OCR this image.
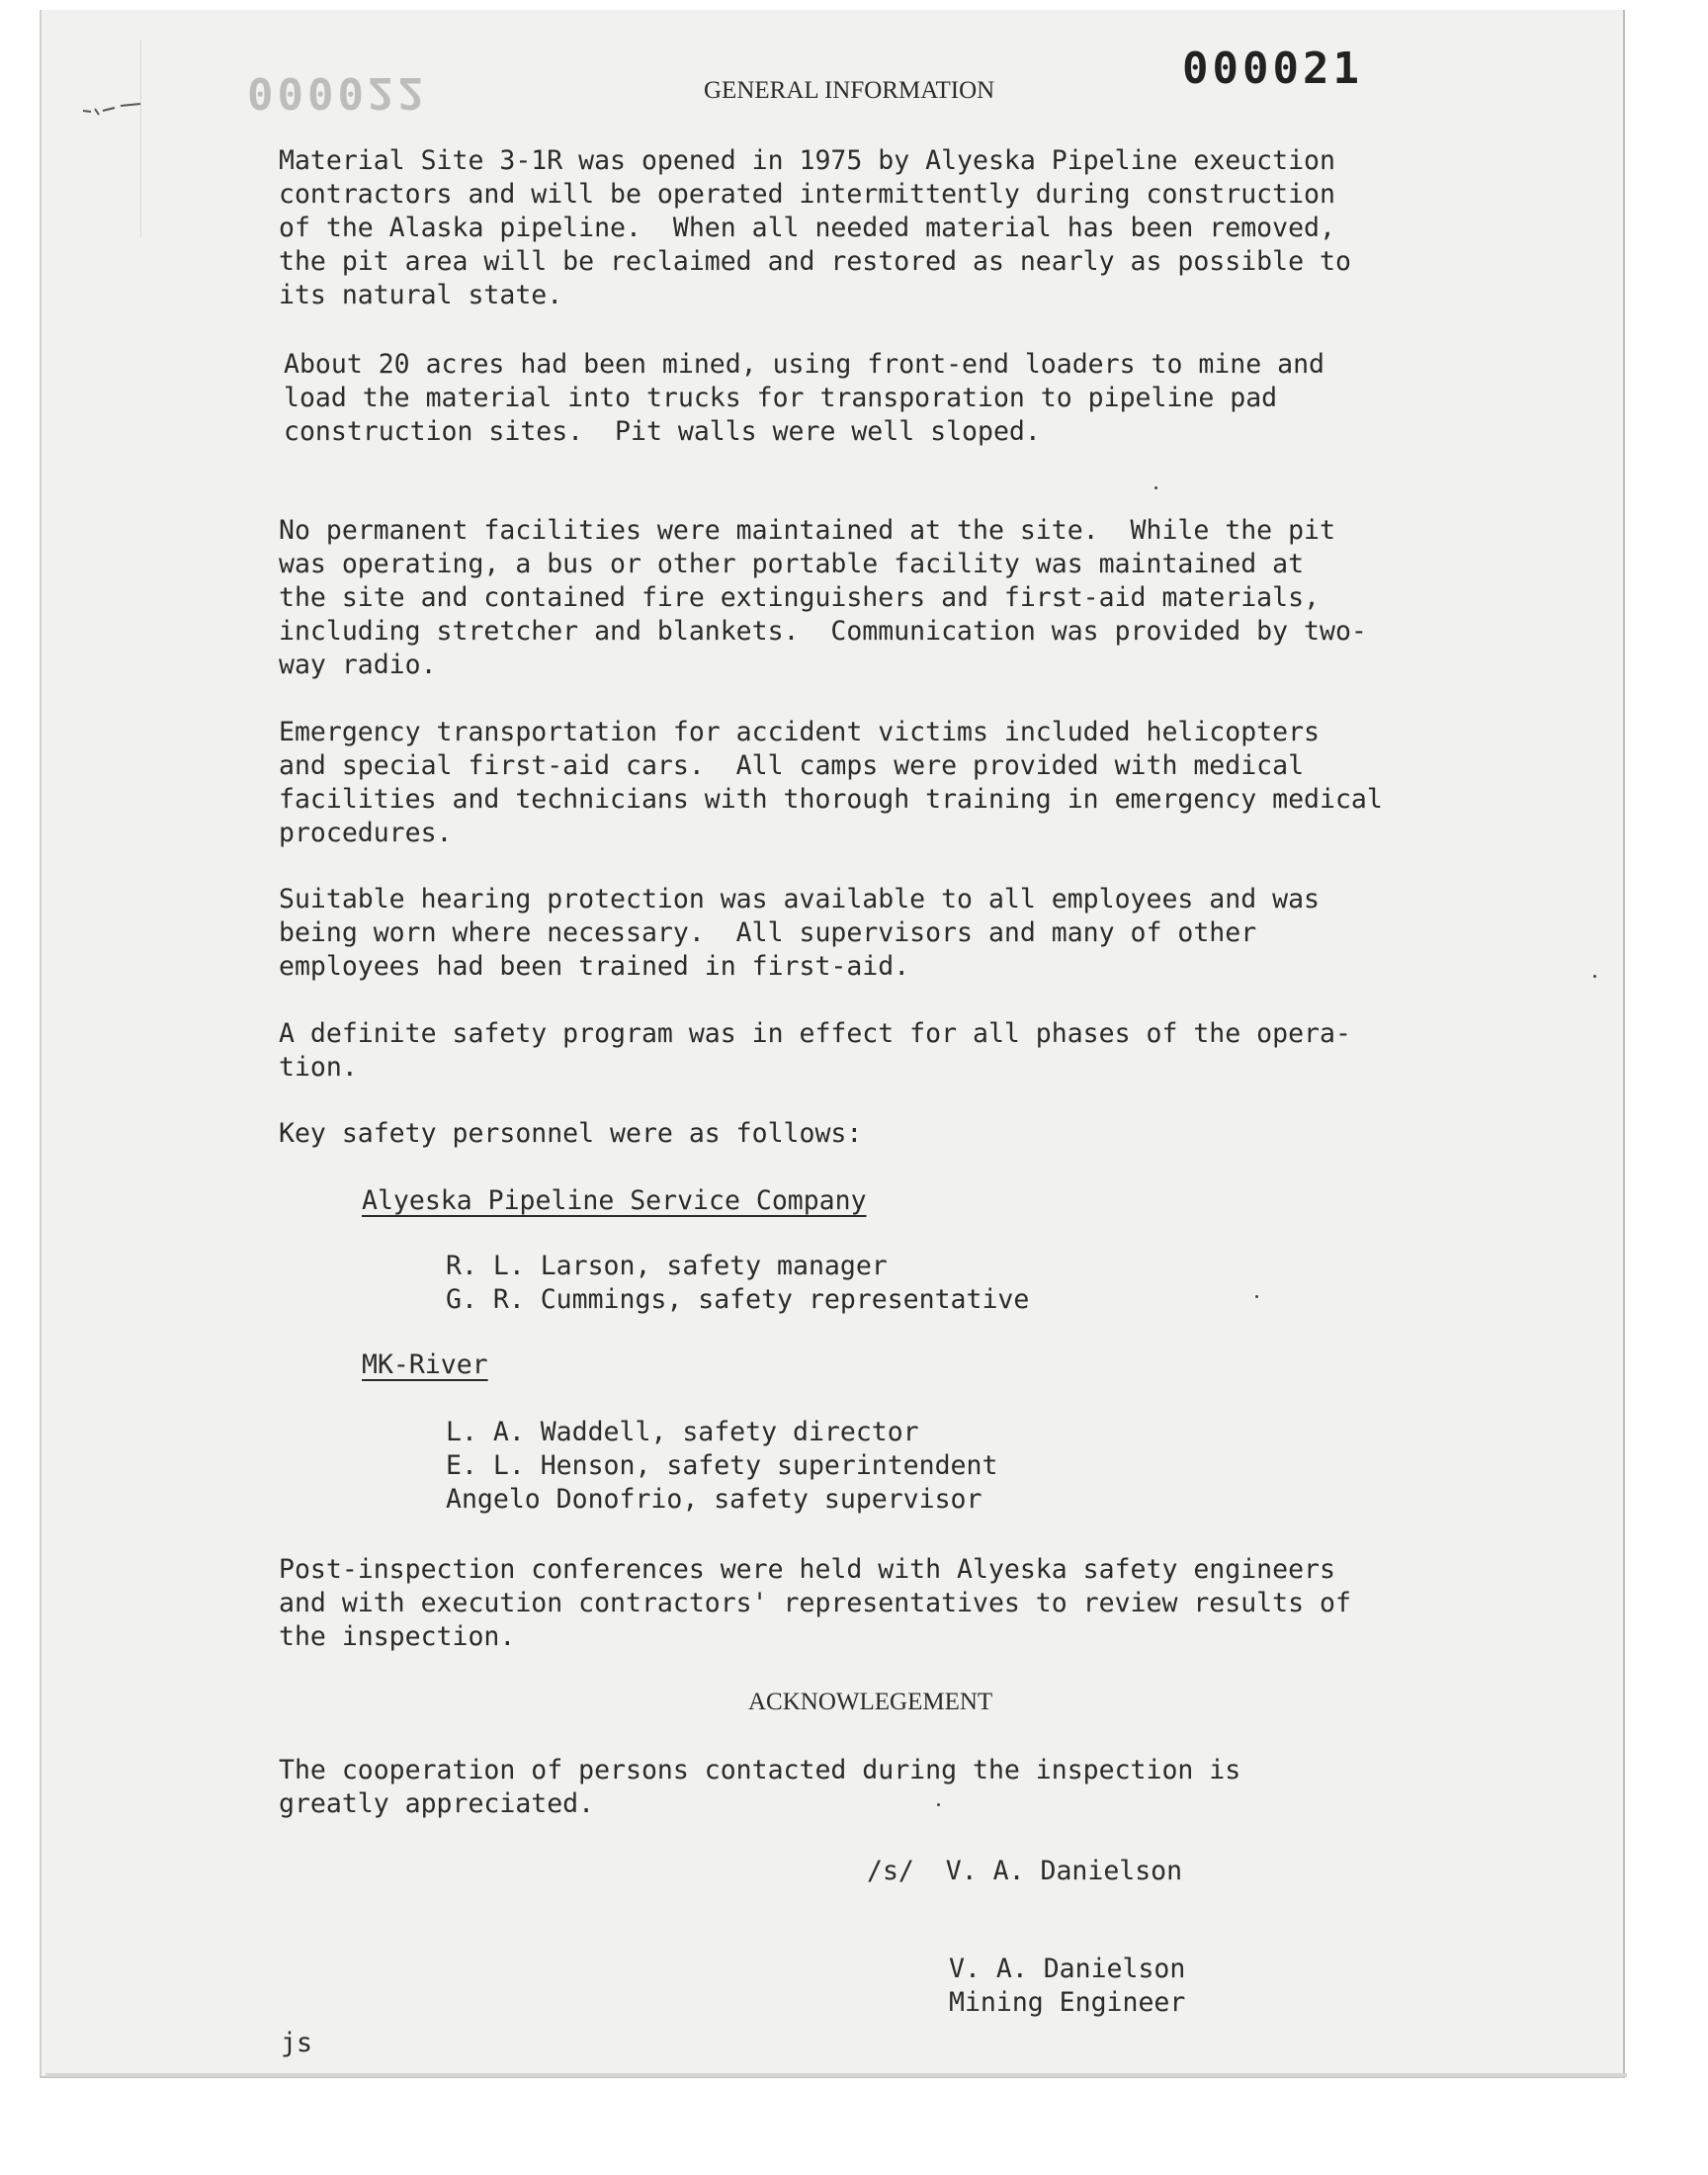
000022	000021
GENERAL INFORMATION

Material Site 3-1R was opened in 1975 by Alyeska Pipeline exeuction
contractors and will be operated intermittently during construction
of the Alaska pipeline.  When all needed material has been removed,
the pit area will be reclaimed and restored as nearly as possible to
its natural state.

About 20 acres had been mined, using front-end loaders to mine and
load the material into trucks for transporation to pipeline pad
construction sites.  Pit walls were well sloped.

No permanent facilities were maintained at the site.  While the pit
was operating, a bus or other portable facility was maintained at
the site and contained fire extinguishers and first-aid materials,
including stretcher and blankets.  Communication was provided by two-
way radio.

Emergency transportation for accident victims included helicopters
and special first-aid cars.  All camps were provided with medical
facilities and technicians with thorough training in emergency medical
procedures.

Suitable hearing protection was available to all employees and was
being worn where necessary.  All supervisors and many of other
employees had been trained in first-aid.

A definite safety program was in effect for all phases of the opera-
tion.

Key safety personnel were as follows:

Alyeska Pipeline Service Company

R. L. Larson, safety manager

G. R. Cummings, safety representative

MK-River

L. A. Waddell, safety director

E. L. Henson, safety superintendent

Angelo Donofrio, safety supervisor

Post-inspection conferences were held with Alyeska safety engineers
and with execution contractors' representatives to review results of
the inspection.

ACKNOWLEGEMENT

The cooperation of persons contacted during the inspection is
greatly appreciated.

/s/  V. A. Danielson

V. A. Danielson

Mining Engineer

js
